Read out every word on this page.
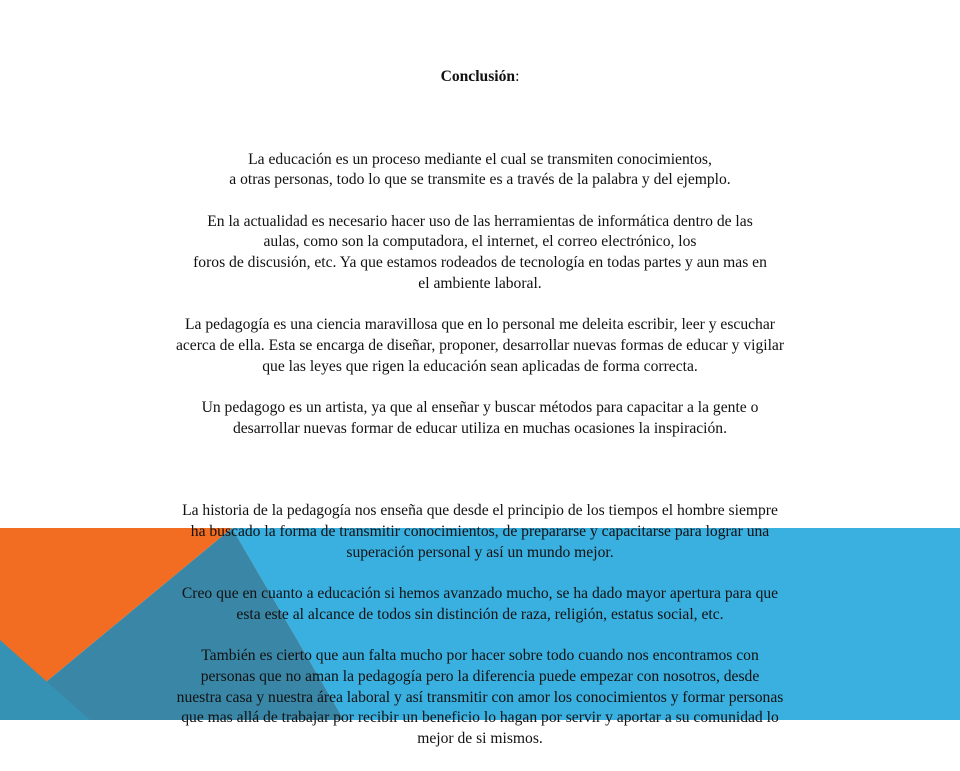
Conclusión:

La educación es un proceso mediante el cual se transmiten conocimientos,
a otras personas, todo lo que se transmite es a través de la palabra y del ejemplo.

En la actualidad es necesario hacer uso de las herramientas de informática dentro de las
aulas, como son la computadora, el internet, el correo electrónico, los
foros de discusión, etc. Ya que estamos rodeados de tecnología en todas partes y aun mas en
el ambiente laboral.

La pedagogía es una ciencia maravillosa que en lo personal me deleita escribir, leer y escuchar
acerca de ella. Esta se encarga de diseñar, proponer, desarrollar nuevas formas de educar y vigilar
que las leyes que rigen la educación sean aplicadas de forma correcta.

Un pedagogo es un artista, ya que al enseñar y buscar métodos para capacitar a la gente o
desarrollar nuevas formar de educar utiliza en muchas ocasiones la inspiración.

La historia de la pedagogía nos enseña que desde el principio de los tiempos el hombre siempre
ha buscado la forma de transmitir conocimientos, de prepararse y capacitarse para lograr una
superación personal y así un mundo mejor.

Creo que en cuanto a educación si hemos avanzado mucho, se ha dado mayor apertura para que
esta este al alcance de todos sin distinción de raza, religión, estatus social, etc.

También es cierto que aun falta mucho por hacer sobre todo cuando nos encontramos con
personas que no aman la pedagogía pero la diferencia puede empezar con nosotros, desde
nuestra casa y nuestra área laboral y así transmitir con amor los conocimientos y formar personas
que mas allá de trabajar por recibir un beneficio lo hagan por servir y aportar a su comunidad lo
mejor de si mismos.
